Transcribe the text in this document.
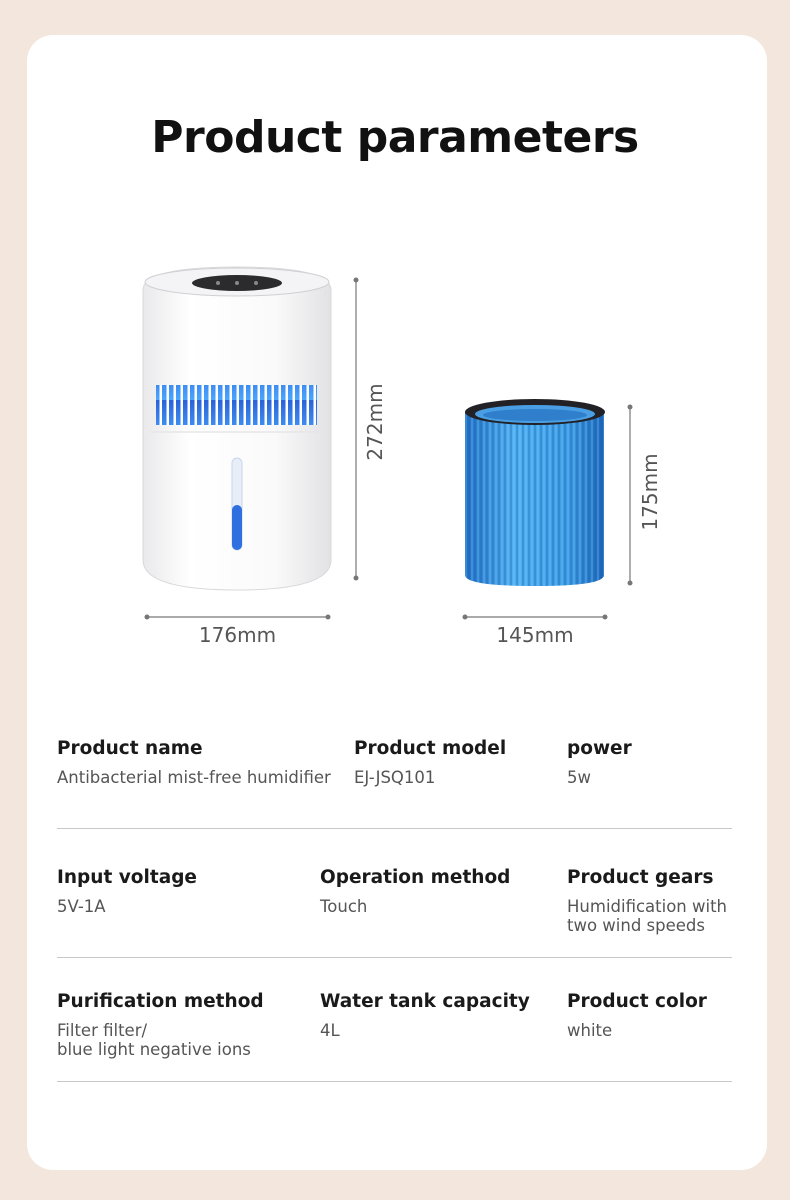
Product parameters
272mm
176mm
175mm
145mm
Product name
Antibacterial mist-free humidifier
Product model
EJ-JSQ101
power
5w
Input voltage
5V-1A
Operation method
Touch
Product gears
Humidification with
two wind speeds
Purification method
Filter filter/
blue light negative ions
Water tank capacity
4L
Product color
white
